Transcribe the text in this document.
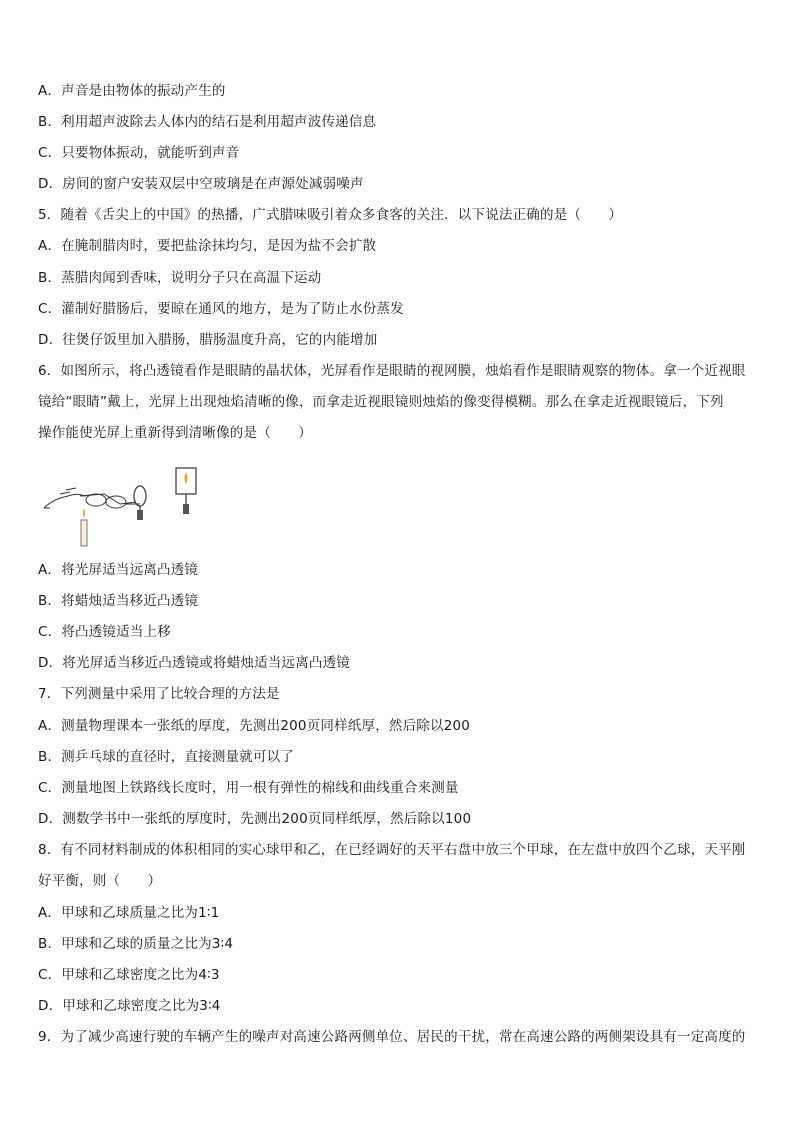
A．声音是由物体的振动产生的
B．利用超声波除去人体内的结石是利用超声波传递信息
C．只要物体振动，就能听到声音
D．房间的窗户安装双层中空玻璃是在声源处减弱噪声
5．随着《舌尖上的中国》的热播，广式腊味吸引着众多食客的关注．以下说法正确的是（　　）
A．在腌制腊肉时，要把盐涂抹均匀，是因为盐不会扩散
B．蒸腊肉闻到香味，说明分子只在高温下运动
C．灌制好腊肠后，要晾在通风的地方，是为了防止水份蒸发
D．往煲仔饭里加入腊肠，腊肠温度升高，它的内能增加
6．如图所示，将凸透镜看作是眼睛的晶状体，光屏看作是眼睛的视网膜，烛焰看作是眼睛观察的物体。拿一个近视眼
镜给“眼睛”戴上，光屏上出现烛焰清晰的像，而拿走近视眼镜则烛焰的像变得模糊。那么在拿走近视眼镜后，下列
操作能使光屏上重新得到清晰像的是（　　）
A．将光屏适当远离凸透镜
B．将蜡烛适当移近凸透镜
C．将凸透镜适当上移
D．将光屏适当移近凸透镜或将蜡烛适当远离凸透镜
7．下列测量中采用了比较合理的方法是
A．测量物理课本一张纸的厚度，先测出200页同样纸厚，然后除以200
B．测乒乓球的直径时，直接测量就可以了
C．测量地图上铁路线长度时，用一根有弹性的棉线和曲线重合来测量
D．测数学书中一张纸的厚度时，先测出200页同样纸厚，然后除以100
8．有不同材料制成的体积相同的实心球甲和乙，在已经调好的天平右盘中放三个甲球，在左盘中放四个乙球，天平刚
好平衡，则（　　）
A．甲球和乙球质量之比为1∶1
B．甲球和乙球的质量之比为3∶4
C．甲球和乙球密度之比为4∶3
D．甲球和乙球密度之比为3∶4
9．为了减少高速行驶的车辆产生的噪声对高速公路两侧单位、居民的干扰，常在高速公路的两侧架设具有一定高度的
